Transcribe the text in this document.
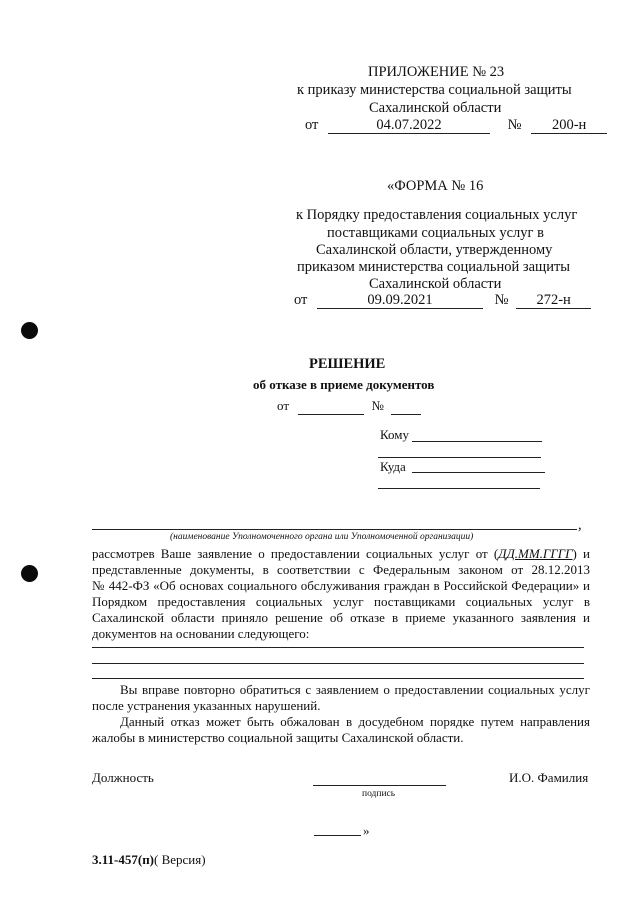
ПРИЛОЖЕНИЕ № 23
к приказу министерства социальной защиты
Сахалинской области
от	04.07.2022	№ 200-н
«ФОРМА № 16
к Порядку предоставления социальных услуг
поставщиками социальных услуг в
Сахалинской области, утвержденному
приказом министерства социальной защиты
Сахалинской области
от	09.09.2021	№ 272-н
РЕШЕНИЕ
об отказе в приеме документов
от	№
Кому
Куда
,
(наименование Уполномоченного органа или Уполномоченной организации)
рассмотрев Ваше заявление о предоставлении социальных услуг от (ДД.ММ.ГГГГ) и
представленные документы, в соответствии с Федеральным законом от 28.12.2013
№ 442-ФЗ «Об основах социального обслуживания граждан в Российской Федерации» и
Порядком предоставления социальных услуг поставщиками социальных услуг в
Сахалинской области приняло решение об отказе в приеме указанного заявления и
документов на основании следующего:
Вы вправе повторно обратиться с заявлением о предоставлении социальных услуг
после устранения указанных нарушений.
Данный отказ может быть обжалован в досудебном порядке путем направления
жалобы в министерство социальной защиты Сахалинской области.
Должность
подпись
И.О. Фамилия
»
3.11-457(п)( Версия)
